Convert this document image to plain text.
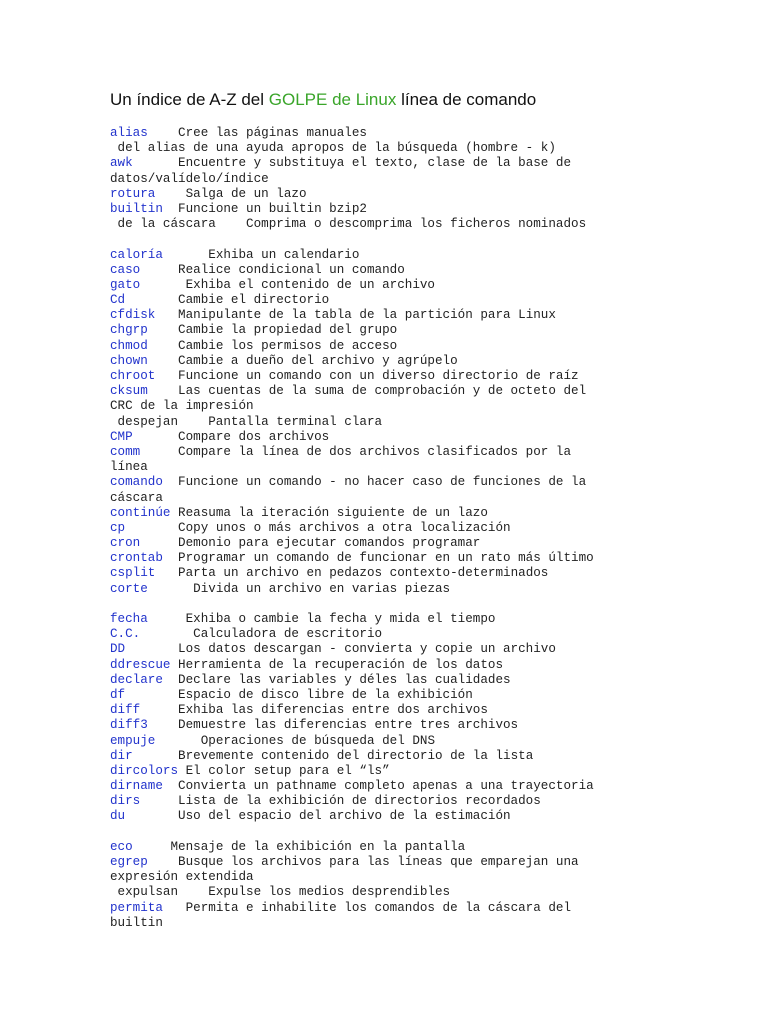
Un índice de A-Z del GOLPE de Linux línea de comando
alias Cree las páginas manuales
del alias de una ayuda apropos de la búsqueda (hombre - k)
awk	Encuentre y substituya el texto, clase de la base de
datos/valídelo/índice
rotura Salga de un lazo
builtin Funcione un builtin bzip2
de la cáscara    Comprima o descomprima los ficheros nominados
caloría	Exhiba un calendario
caso	Realice condicional un comando
gato	Exhiba el contenido de un archivo
Cd	Cambie el directorio
cfdisk Manipulante de la tabla de la partición para Linux
chgrp Cambie la propiedad del grupo
chmod Cambie los permisos de acceso
chown Cambie a dueño del archivo y agrúpelo
chroot Funcione un comando con un diverso directorio de raíz
cksum Las cuentas de la suma de comprobación y de octeto del
CRC de la impresión
despejan    Pantalla terminal clara
CMP	Compare dos archivos
comm	Compare la línea de dos archivos clasificados por la
línea
comando Funcione un comando - no hacer caso de funciones de la
cáscara
continúe Reasuma la iteración siguiente de un lazo
cp	Copy unos o más archivos a otra localización
cron	Demonio para ejecutar comandos programar
crontab Programar un comando de funcionar en un rato más último
csplit Parta un archivo en pedazos contexto-determinados
corte	Divida un archivo en varias piezas
fecha	Exhiba o cambie la fecha y mida el tiempo
C.C.	Calculadora de escritorio
DD	Los datos descargan - convierta y copie un archivo
ddrescue Herramienta de la recuperación de los datos
declare Declare las variables y déles las cualidades
df	Espacio de disco libre de la exhibición
diff	Exhiba las diferencias entre dos archivos
diff3 Demuestre las diferencias entre tres archivos
empuje	Operaciones de búsqueda del DNS
dir	Brevemente contenido del directorio de la lista
dircolors El color setup para el “ls”
dirname Convierta un pathname completo apenas a una trayectoria
dirs	Lista de la exhibición de directorios recordados
du	Uso del espacio del archivo de la estimación
eco	Mensaje de la exhibición en la pantalla
egrep Busque los archivos para las líneas que emparejan una
expresión extendida
expulsan    Expulse los medios desprendibles
permita Permita e inhabilite los comandos de la cáscara del
builtin
